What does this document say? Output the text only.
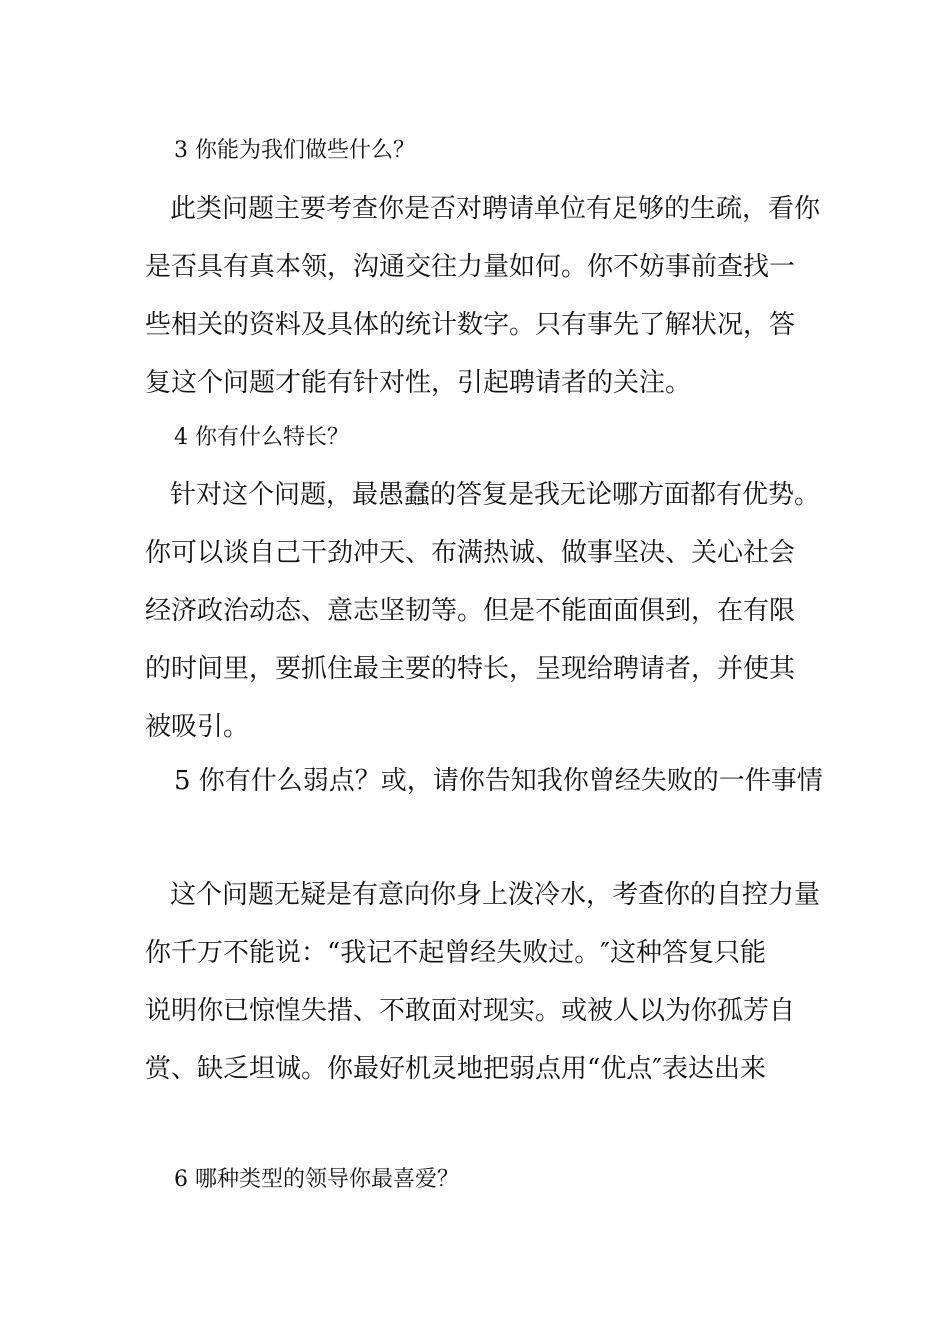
3 你能为我们做些什么？
此类问题主要考查你是否对聘请单位有足够的生疏，看你
是否具有真本领，沟通交往力量如何。你不妨事前查找一
些相关的资料及具体的统计数字。只有事先了解状况，答
复这个问题才能有针对性，引起聘请者的关注。
4 你有什么特长？
针对这个问题，最愚蠢的答复是我无论哪方面都有优势。
你可以谈自己干劲冲天、布满热诚、做事坚决、关心社会
经济政治动态、意志坚韧等。但是不能面面俱到，在有限
的时间里，要抓住最主要的特长，呈现给聘请者，并使其
被吸引。
5 你有什么弱点？或，请你告知我你曾经失败的一件事情
这个问题无疑是有意向你身上泼冷水，考查你的自控力量
你千万不能说：“我记不起曾经失败过。″这种答复只能
说明你已惊惶失措、不敢面对现实。或被人以为你孤芳自
赏、缺乏坦诚。你最好机灵地把弱点用“优点″表达出来
6 哪种类型的领导你最喜爱？
